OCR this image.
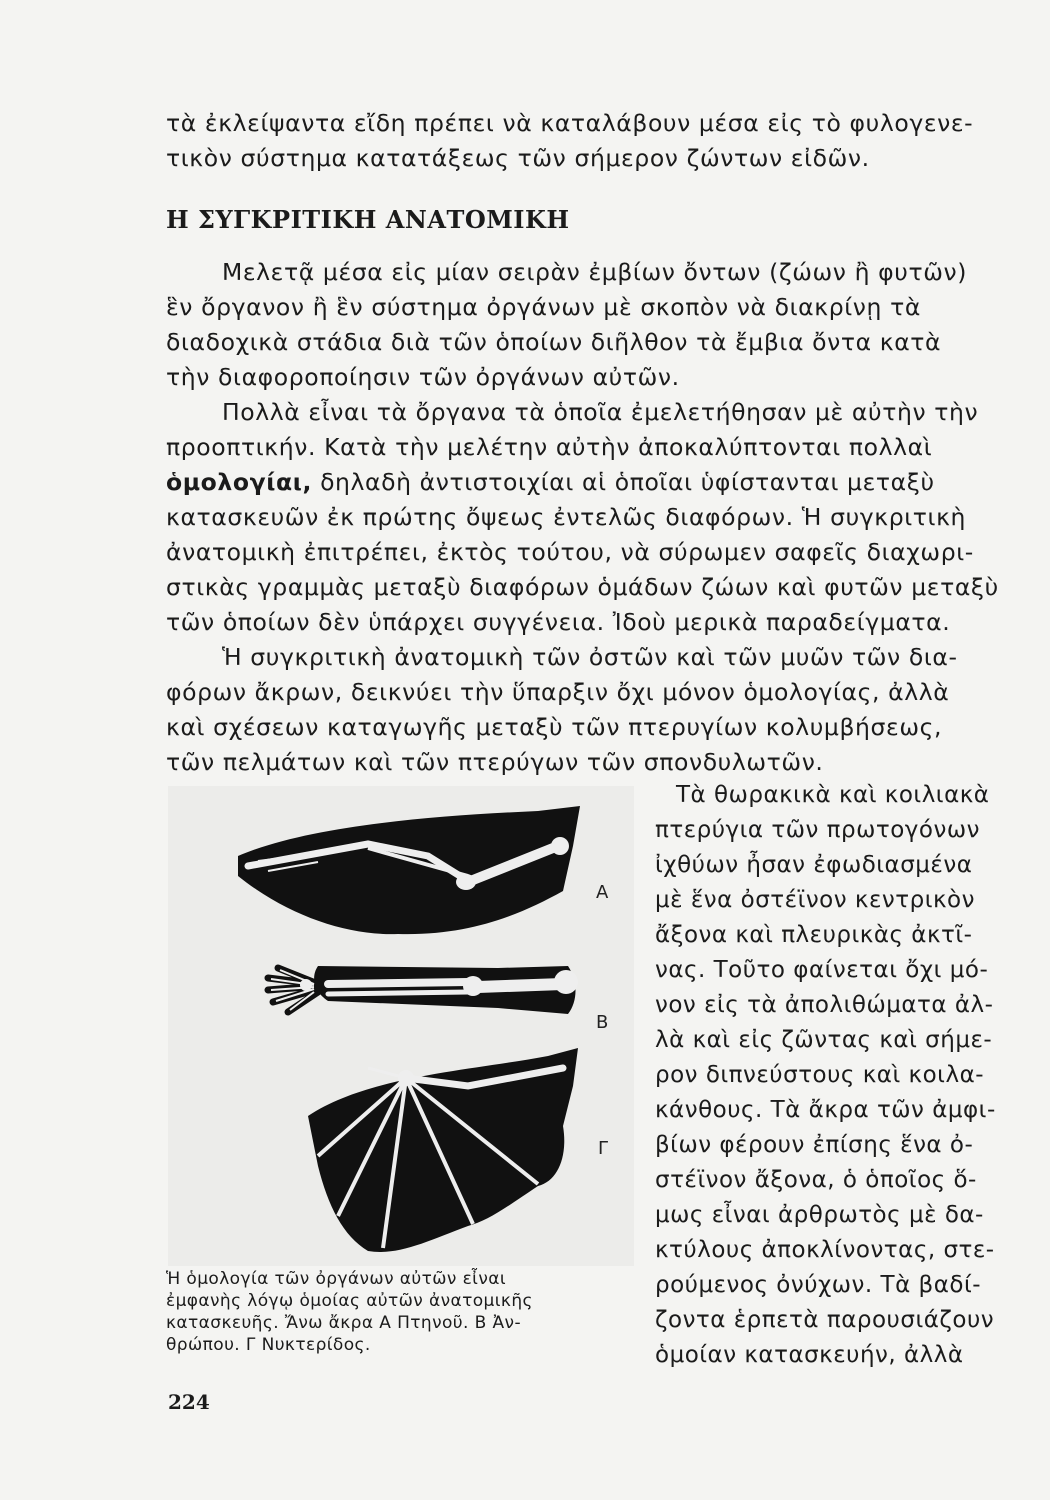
τὰ ἐκλείψαντα εἴδη πρέπει νὰ καταλάβουν μέσα εἰς τὸ φυλογενε-
τικὸν σύστημα κατατάξεως τῶν σήμερον ζώντων εἰδῶν.
Η ΣΥΓΚΡΙΤΙΚΗ ΑΝΑΤΟΜΙΚΗ
Μελετᾷ μέσα εἰς μίαν σειρὰν ἐμβίων ὄντων (ζώων ἢ φυτῶν)
ἓν ὄργανον ἢ ἓν σύστημα ὀργάνων μὲ σκοπὸν νὰ διακρίνῃ τὰ
διαδοχικὰ στάδια διὰ τῶν ὁποίων διῆλθον τὰ ἔμβια ὄντα κατὰ
τὴν διαφοροποίησιν τῶν ὀργάνων αὐτῶν.
Πολλὰ εἶναι τὰ ὄργανα τὰ ὁποῖα ἐμελετήθησαν μὲ αὐτὴν τὴν
προοπτικήν. Κατὰ τὴν μελέτην αὐτὴν ἀποκαλύπτονται πολλαὶ
ὁμολογίαι, δηλαδὴ ἀντιστοιχίαι αἱ ὁποῖαι ὑφίστανται μεταξὺ
κατασκευῶν ἐκ πρώτης ὄψεως ἐντελῶς διαφόρων. Ἡ συγκριτικὴ
ἀνατομικὴ ἐπιτρέπει, ἐκτὸς τούτου, νὰ σύρωμεν σαφεῖς διαχωρι-
στικὰς γραμμὰς μεταξὺ διαφόρων ὁμάδων ζώων καὶ φυτῶν μεταξὺ
τῶν ὁποίων δὲν ὑπάρχει συγγένεια. Ἰδοὺ μερικὰ παραδείγματα.
Ἡ συγκριτικὴ ἀνατομικὴ τῶν ὀστῶν καὶ τῶν μυῶν τῶν δια-
φόρων ἄκρων, δεικνύει τὴν ὕπαρξιν ὄχι μόνον ὁμολογίας, ἀλλὰ
καὶ σχέσεων καταγωγῆς μεταξὺ τῶν πτερυγίων κολυμβήσεως,
τῶν πελμάτων καὶ τῶν πτερύγων τῶν σπονδυλωτῶν.
Τὰ θωρακικὰ καὶ κοιλιακὰ
πτερύγια τῶν πρωτογόνων
ἰχθύων ἦσαν ἐφωδιασμένα
μὲ ἕνα ὀστέϊνον κεντρικὸν
ἄξονα καὶ πλευρικὰς ἀκτῖ-
νας. Τοῦτο φαίνεται ὄχι μό-
νον εἰς τὰ ἀπολιθώματα ἀλ-
λὰ καὶ εἰς ζῶντας καὶ σήμε-
ρον διπνεύστους καὶ κοιλα-
κάνθους. Τὰ ἄκρα τῶν ἀμφι-
βίων φέρουν ἐπίσης ἕνα ὀ-
στέϊνον ἄξονα, ὁ ὁποῖος ὅ-
μως εἶναι ἀρθρωτὸς μὲ δα-
κτύλους ἀποκλίνοντας, στε-
ρούμενος ὀνύχων. Τὰ βαδί-
ζοντα ἑρπετὰ παρουσιάζουν
ὁμοίαν κατασκευήν, ἀλλὰ
Α
Β
Γ
Ἡ ὁμολογία τῶν ὀργάνων αὐτῶν εἶναι
ἐμφανὴς λόγῳ ὁμοίας αὐτῶν ἀνατομικῆς
κατασκευῆς. Ἄνω ἄκρα Α Πτηνοῦ. Β Ἀν-
θρώπου. Γ Νυκτερίδος.
224
